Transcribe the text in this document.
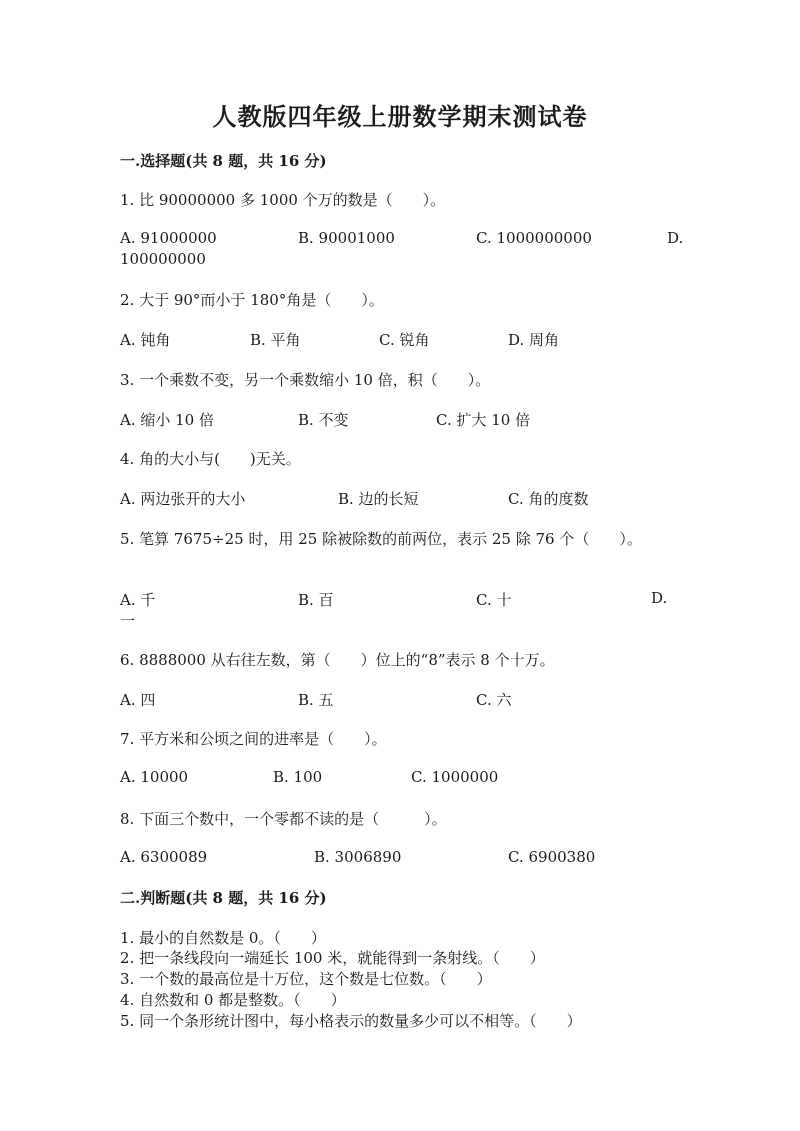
人教版四年级上册数学期末测试卷
一.选择题(共 8 题，共 16 分)
1. 比 90000000 多 1000 个万的数是（　　）。
A. 91000000	B. 90001000	C. 1000000000	D.
100000000
2. 大于 90°而小于 180°角是（　　）。
A. 钝角	B. 平角	C. 锐角	D. 周角
3. 一个乘数不变，另一个乘数缩小 10 倍，积（　　）。
A. 缩小 10 倍	B. 不变	C. 扩大 10 倍
4. 角的大小与(　　)无关。
A. 两边张开的大小	B. 边的长短	C. 角的度数
5. 笔算 7675÷25 时，用 25 除被除数的前两位，表示 25 除 76 个（　　）。
A. 千	B. 百	C. 十	D.
一
6. 8888000 从右往左数，第（　　）位上的“8”表示 8 个十万。
A. 四	B. 五	C. 六
7. 平方米和公顷之间的进率是（　　）。
A. 10000	B. 100	C. 1000000
8. 下面三个数中，一个零都不读的是（　　　）。
A. 6300089	B. 3006890	C. 6900380
二.判断题(共 8 题，共 16 分)
1. 最小的自然数是 0。（　　）
2. 把一条线段向一端延长 100 米，就能得到一条射线。（　　）
3. 一个数的最高位是十万位，这个数是七位数。（　　）
4. 自然数和 0 都是整数。（　　）
5. 同一个条形统计图中，每小格表示的数量多少可以不相等。（　　）
